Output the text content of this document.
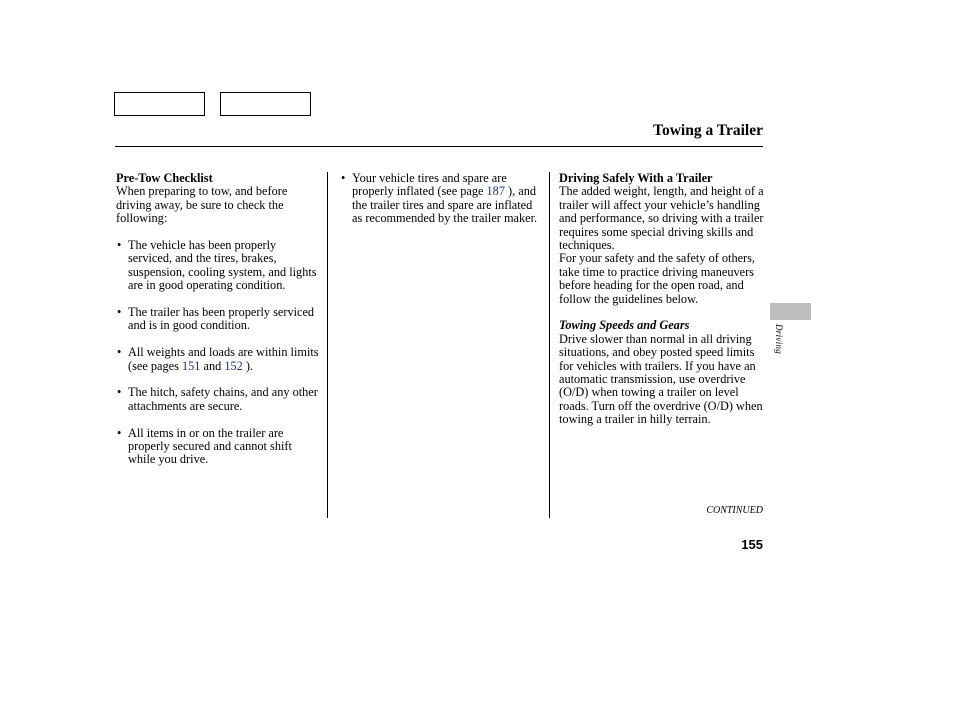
Towing a Trailer
Pre-Tow Checklist

When preparing to tow, and before driving away, be sure to check the following:

• The vehicle has been properly serviced, and the tires, brakes, suspension, cooling system, and lights are in good operating condition.
• The trailer has been properly serviced and is in good condition.
• All weights and loads are within limits (see pages 151 and 152 ).
• The hitch, safety chains, and any other attachments are secure.
• All items in or on the trailer are properly secured and cannot shift while you drive.
• Your vehicle tires and spare are properly inflated (see page 187 ), and the trailer tires and spare are inflated as recommended by the trailer maker.
Driving Safely With a Trailer

The added weight, length, and height of a trailer will affect your vehicle’s handling and performance, so driving with a trailer requires some special driving skills and techniques.

For your safety and the safety of others, take time to practice driving maneuvers before heading for the open road, and follow the guidelines below.

Towing Speeds and Gears

Drive slower than normal in all driving situations, and obey posted speed limits for vehicles with trailers. If you have an automatic transmission, use overdrive (O/D) when towing a trailer on level roads. Turn off the overdrive (O/D) when towing a trailer in hilly terrain.

Driving
CONTINUED
155
